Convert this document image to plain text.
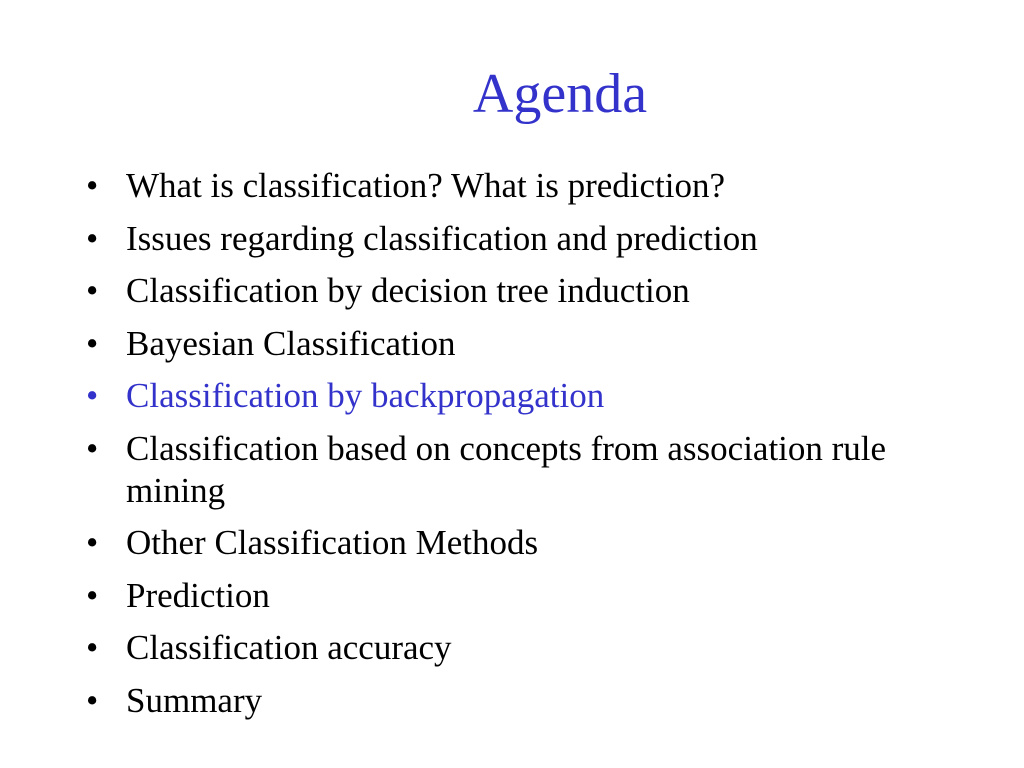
Agenda
• What is classification? What is prediction?
• Issues regarding classification and prediction
• Classification by decision tree induction
• Bayesian Classification
• Classification by backpropagation
• Classification based on concepts from association rule mining
• Other Classification Methods
• Prediction
• Classification accuracy
• Summary
